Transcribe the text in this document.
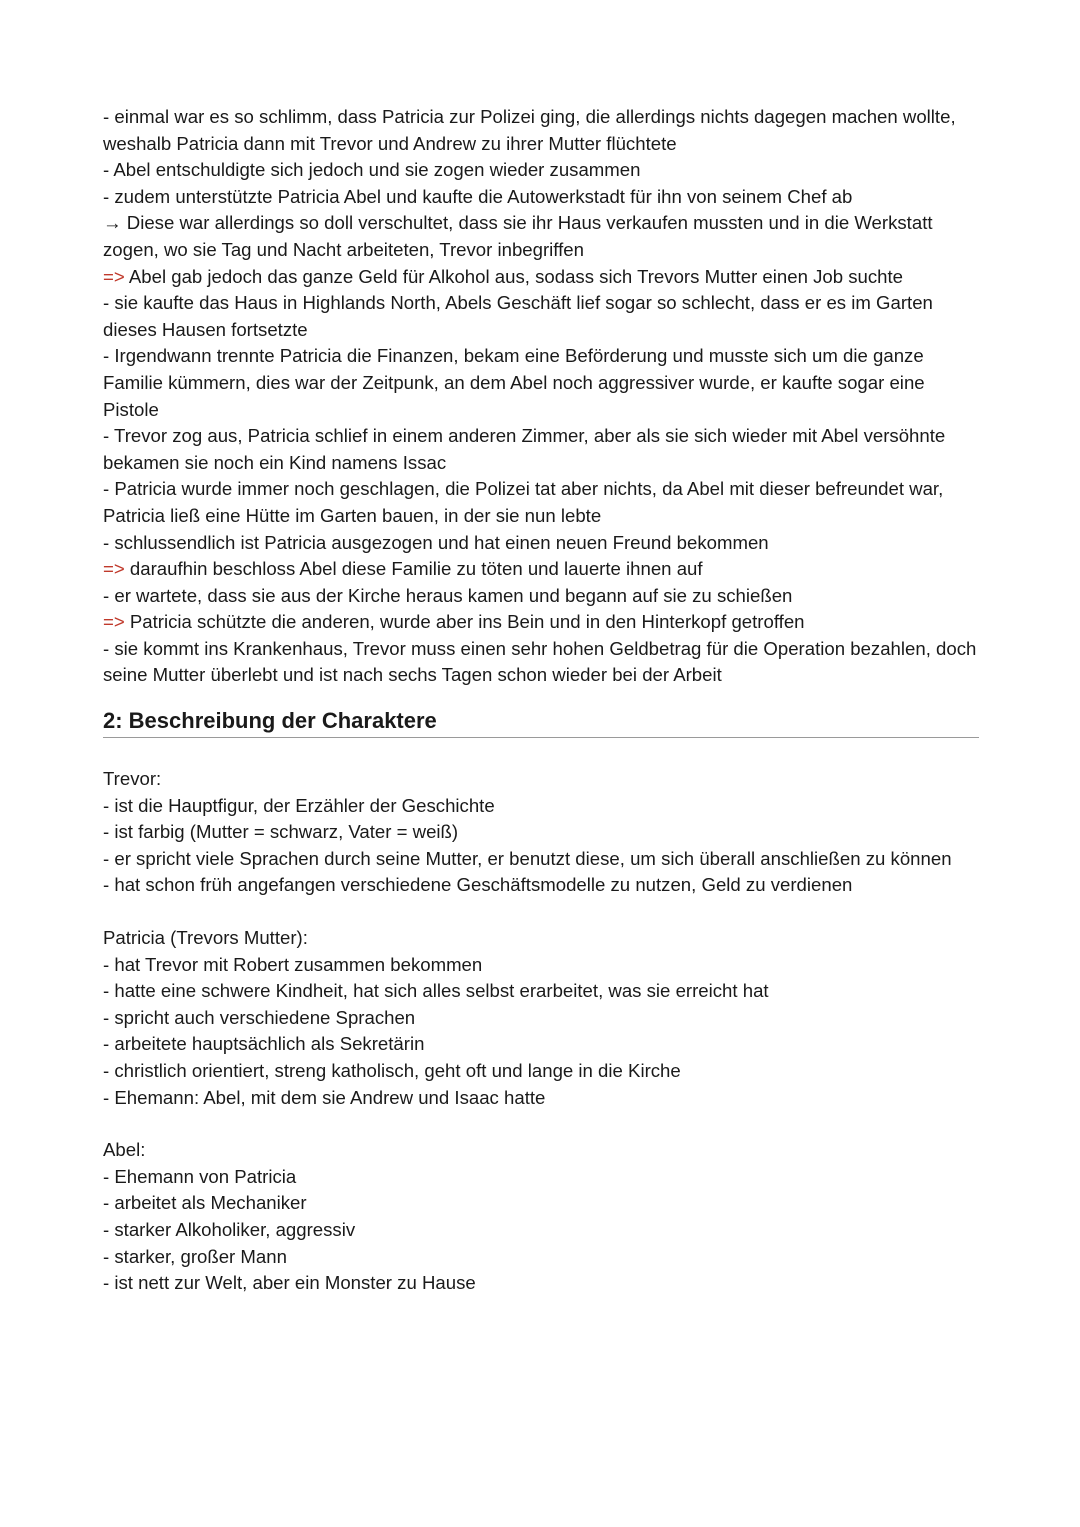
- einmal war es so schlimm, dass Patricia zur Polizei ging, die allerdings nichts dagegen machen wollte, weshalb Patricia dann mit Trevor und Andrew zu ihrer Mutter flüchtete

- Abel entschuldigte sich jedoch und sie zogen wieder zusammen

- zudem unterstützte Patricia Abel und kaufte die Autowerkstadt für ihn von seinem Chef ab

→ Diese war allerdings so doll verschultet, dass sie ihr Haus verkaufen mussten und in die Werkstatt zogen, wo sie Tag und Nacht arbeiteten, Trevor inbegriffen

=> Abel gab jedoch das ganze Geld für Alkohol aus, sodass sich Trevors Mutter einen Job suchte

- sie kaufte das Haus in Highlands North, Abels Geschäft lief sogar so schlecht, dass er es im Garten dieses Hausen fortsetzte

- Irgendwann trennte Patricia die Finanzen, bekam eine Beförderung und musste sich um die ganze Familie kümmern, dies war der Zeitpunk, an dem Abel noch aggressiver wurde, er kaufte sogar eine Pistole

- Trevor zog aus, Patricia schlief in einem anderen Zimmer, aber als sie sich wieder mit Abel versöhnte bekamen sie noch ein Kind namens Issac

- Patricia wurde immer noch geschlagen, die Polizei tat aber nichts, da Abel mit dieser befreundet war, Patricia ließ eine Hütte im Garten bauen, in der sie nun lebte

- schlussendlich ist Patricia ausgezogen und hat einen neuen Freund bekommen

=> daraufhin beschloss Abel diese Familie zu töten und lauerte ihnen auf

- er wartete, dass sie aus der Kirche heraus kamen und begann auf sie zu schießen

=> Patricia schützte die anderen, wurde aber ins Bein und in den Hinterkopf getroffen

- sie kommt ins Krankenhaus, Trevor muss einen sehr hohen Geldbetrag für die Operation bezahlen, doch seine Mutter überlebt und ist nach sechs Tagen schon wieder bei der Arbeit

2: Beschreibung der Charaktere

Trevor:

- ist die Hauptfigur, der Erzähler der Geschichte

- ist farbig (Mutter = schwarz, Vater = weiß)

- er spricht viele Sprachen durch seine Mutter, er benutzt diese, um sich überall anschließen zu können

- hat schon früh angefangen verschiedene Geschäftsmodelle zu nutzen, Geld zu verdienen

Patricia (Trevors Mutter):

- hat Trevor mit Robert zusammen bekommen

- hatte eine schwere Kindheit, hat sich alles selbst erarbeitet, was sie erreicht hat

- spricht auch verschiedene Sprachen

- arbeitete hauptsächlich als Sekretärin

- christlich orientiert, streng katholisch, geht oft und lange in die Kirche

- Ehemann: Abel, mit dem sie Andrew und Isaac hatte

Abel:

- Ehemann von Patricia

- arbeitet als Mechaniker

- starker Alkoholiker, aggressiv

- starker, großer Mann

- ist nett zur Welt, aber ein Monster zu Hause
